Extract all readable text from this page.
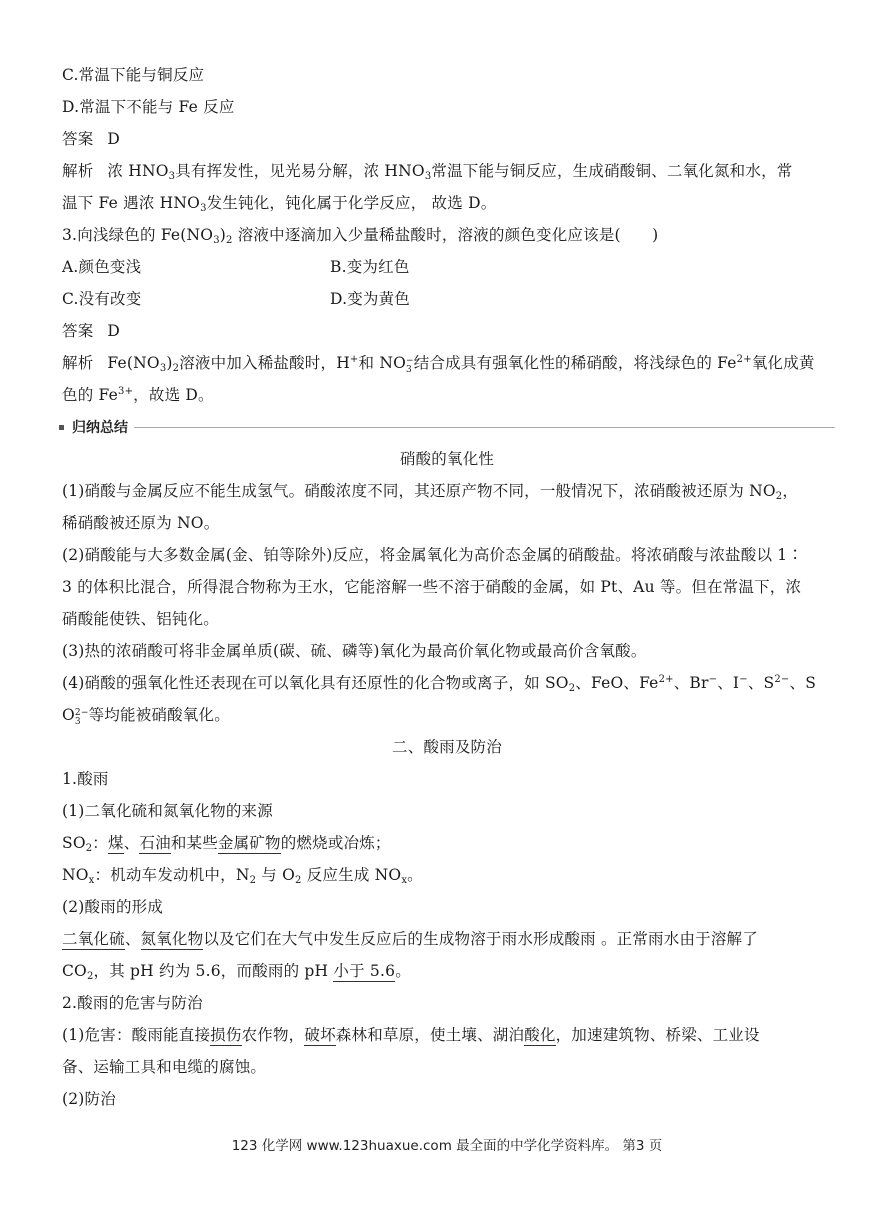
C.常温下能与铜反应
D.常温下不能与 Fe 反应
答案 D
解析 浓 $HNO_3$具有挥发性，见光易分解，浓 $HNO_3$常温下能与铜反应，生成硝酸铜、二氧化氮和水，常
温下 Fe 遇浓 $HNO_3$发生钝化，钝化属于化学反应， 故选 D。
3.向浅绿色的 $Fe(NO_3)_2$ 溶液中逐滴加入少量稀盐酸时，溶液的颜色变化应该是(　　)
A.颜色变浅	B.变为红色
C.没有改变	D.变为黄色
答案 D
解析 $Fe(NO_3)_2$溶液中加入稀盐酸时，H+和 NO −
3 结合成具有强氧化性的稀硝酸，将浅绿色的 $Fe^{2+}$氧化成黄
色的 $Fe^{3+}$，故选 D。
归纳总结
硝酸的氧化性
(1)硝酸与金属反应不能生成氢气。硝酸浓度不同，其还原产物不同，一般情况下，浓硝酸被还原为 $NO_2$，
稀硝酸被还原为 NO。
(2)硝酸能与大多数金属(金、铂等除外)反应，将金属氧化为高价态金属的硝酸盐。将浓硝酸与浓盐酸以 1∶
3 的体积比混合，所得混合物称为王水，它能溶解一些不溶于硝酸的金属，如 Pt、Au 等。但在常温下，浓
硝酸能使铁、铝钝化。
(3)热的浓硝酸可将非金属单质(碳、硫、磷等)氧化为最高价氧化物或最高价含氧酸。
(4)硝酸的强氧化性还表现在可以氧化具有还原性的化合物或离子，如 $SO_2$、FeO、$Fe^{2+}$、Br−、I−、$S^{2-}$、S
O 2−
3 等均能被硝酸氧化。
二、酸雨及防治
1.酸雨
(1)二氧化硫和氮氧化物的来源
$SO_2$：煤、石油和某些金属矿物的燃烧或冶炼；
$NO_x$：机动车发动机中，$N_2$ 与 $O_2$ 反应生成 $NO_x$。
(2)酸雨的形成
二氧化硫、氮氧化物以及它们在大气中发生反应后的生成物溶于雨水形成酸雨 。正常雨水由于溶解了
$CO_2$，其 pH 约为 5.6，而酸雨的 pH 小于 5.6。
2.酸雨的危害与防治
(1)危害：酸雨能直接损伤农作物，破坏森林和草原，使土壤、湖泊酸化，加速建筑物、桥梁、工业设
备、运输工具和电缆的腐蚀。
(2)防治
123 化学网 www.123huaxue.com 最全面的中学化学资料库。 第3 页
